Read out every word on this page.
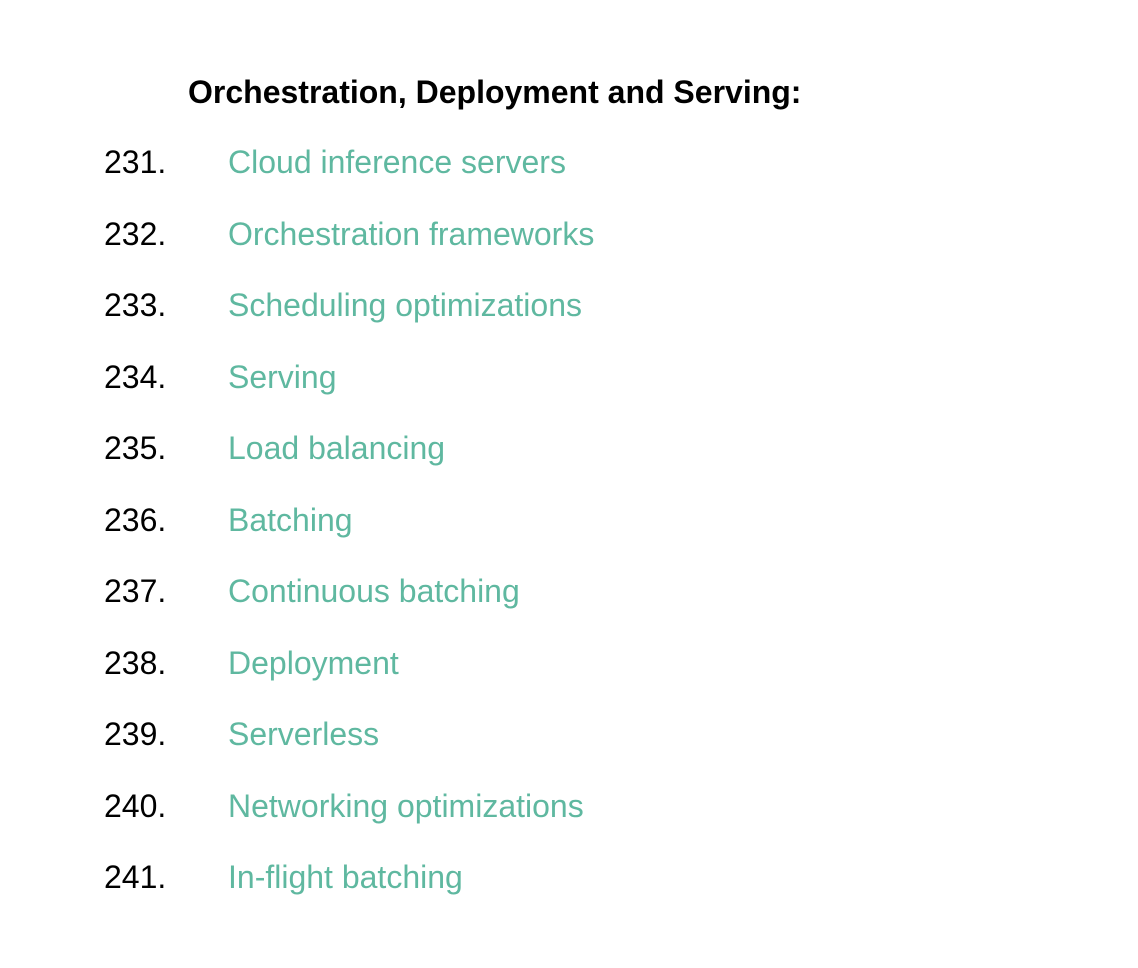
Orchestration, Deployment and Serving:
231. Cloud inference servers
232. Orchestration frameworks
233. Scheduling optimizations
234. Serving
235. Load balancing
236. Batching
237. Continuous batching
238. Deployment
239. Serverless
240. Networking optimizations
241. In-flight batching
